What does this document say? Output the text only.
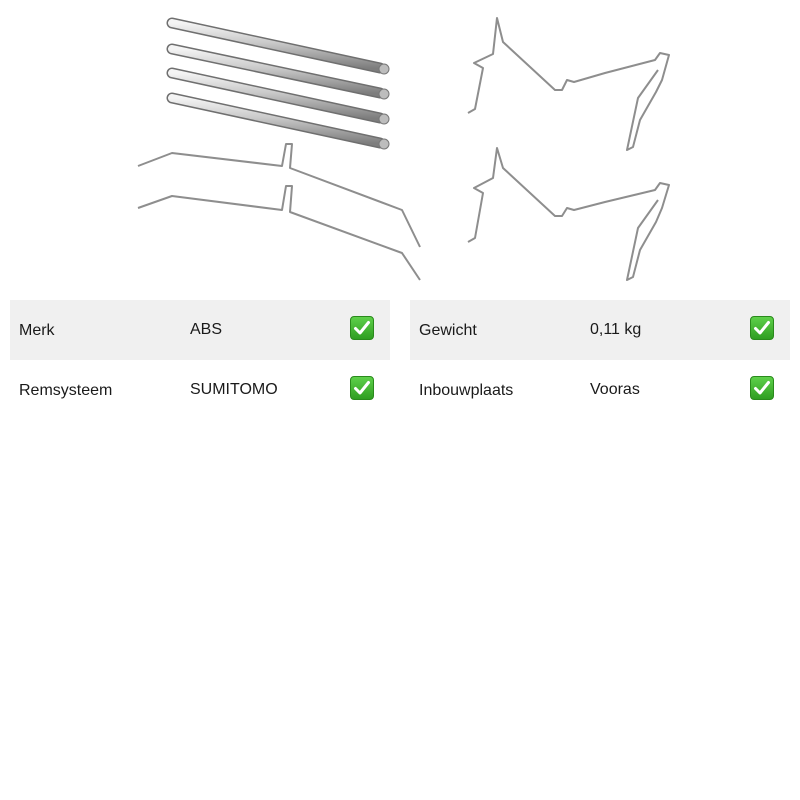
Merk	ABS
Remsysteem	SUMITOMO
Gewicht	0,11 kg
Inbouwplaats	Vooras
